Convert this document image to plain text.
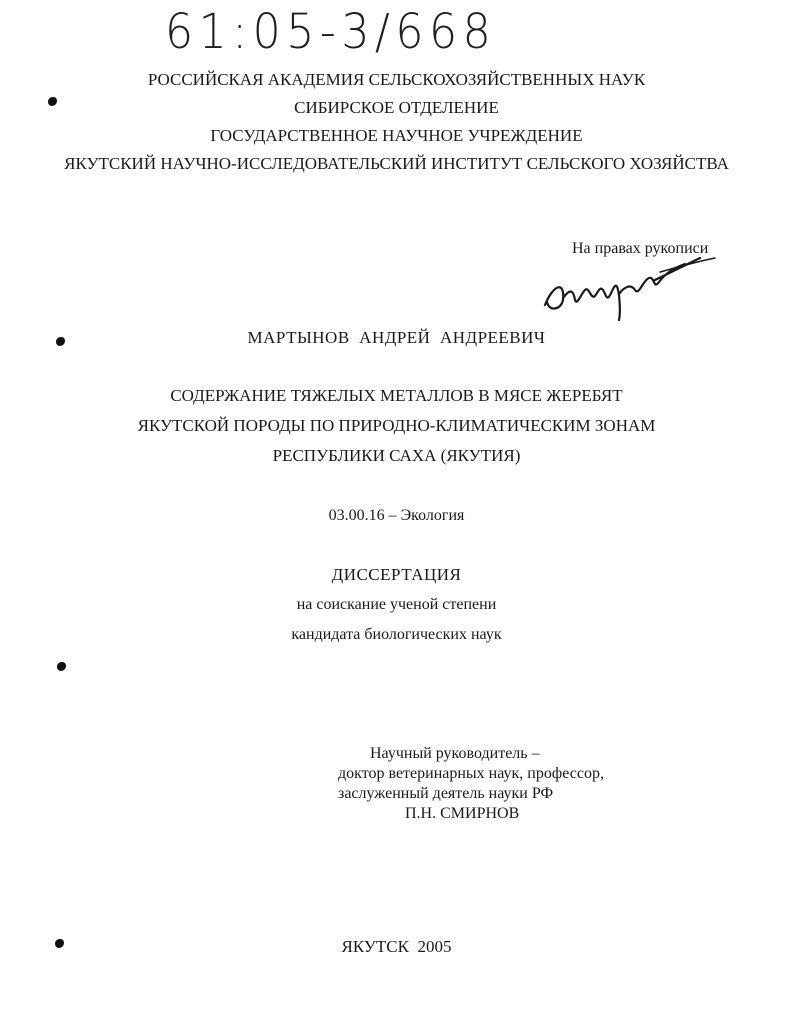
61:05-3/668
РОССИЙСКАЯ АКАДЕМИЯ СЕЛЬСКОХОЗЯЙСТВЕННЫХ НАУК
СИБИРСКОЕ ОТДЕЛЕНИЕ
ГОСУДАРСТВЕННОЕ НАУЧНОЕ УЧРЕЖДЕНИЕ
ЯКУТСКИЙ НАУЧНО-ИССЛЕДОВАТЕЛЬСКИЙ ИНСТИТУТ СЕЛЬСКОГО ХОЗЯЙСТВА
На правах рукописи
МАРТЫНОВ  АНДРЕЙ  АНДРЕЕВИЧ
СОДЕРЖАНИЕ ТЯЖЕЛЫХ МЕТАЛЛОВ В МЯСЕ ЖЕРЕБЯТ
ЯКУТСКОЙ ПОРОДЫ ПО ПРИРОДНО-КЛИМАТИЧЕСКИМ ЗОНАМ
РЕСПУБЛИКИ САХА (ЯКУТИЯ)
03.00.16 – Экология
ДИССЕРТАЦИЯ
на соискание ученой степени
кандидата биологических наук
Научный руководитель –
доктор ветеринарных наук, профессор,
заслуженный деятель науки РФ
П.Н. СМИРНОВ
ЯКУТСК  2005
